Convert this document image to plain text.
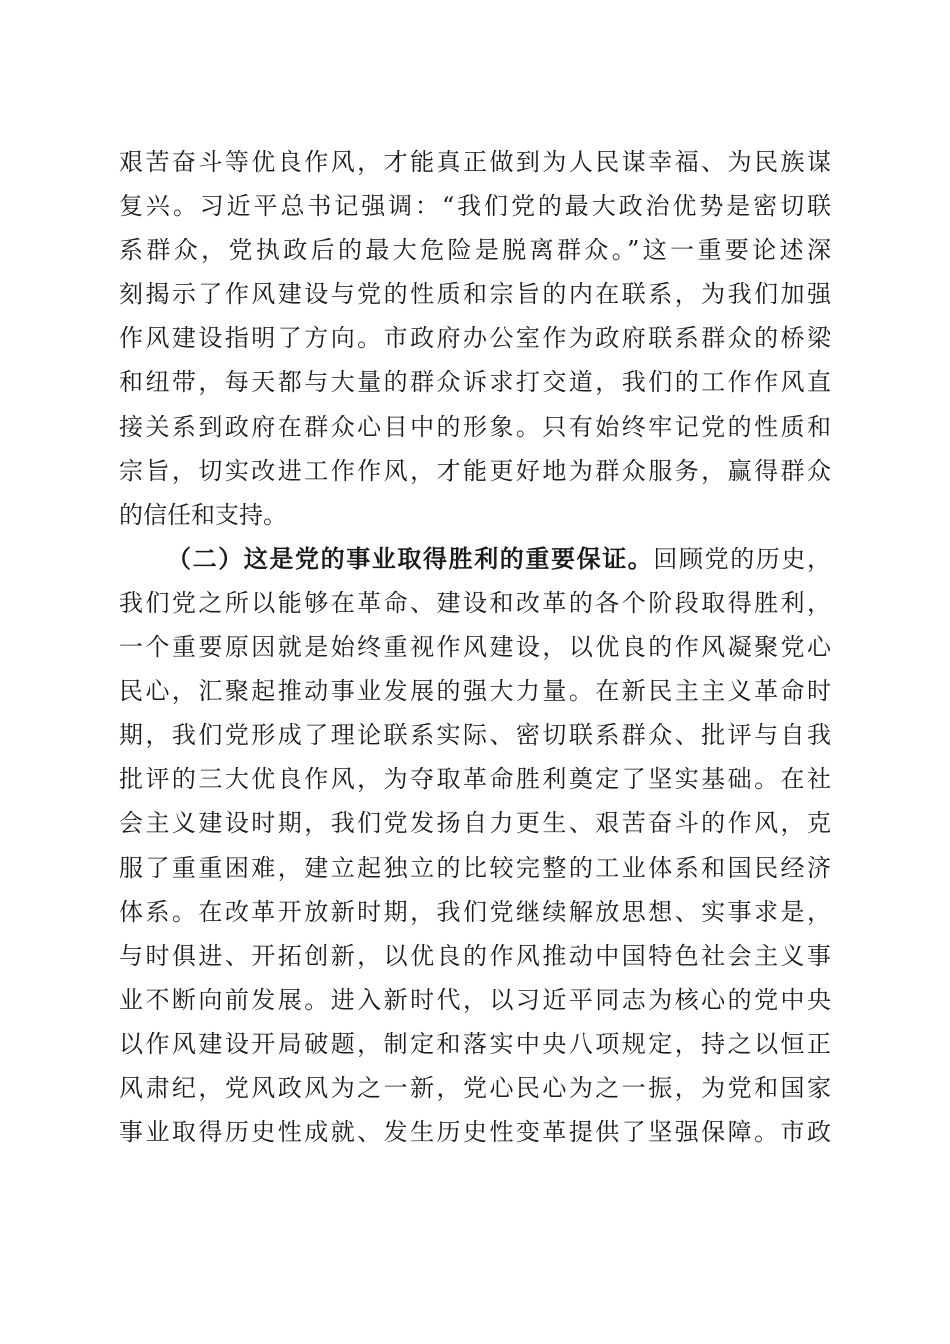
艰苦奋斗等优良作风，才能真正做到为人民谋幸福、为民族谋
复兴。习近平总书记强调：“我们党的最大政治优势是密切联
系群众，党执政后的最大危险是脱离群众。”这一重要论述深
刻揭示了作风建设与党的性质和宗旨的内在联系，为我们加强
作风建设指明了方向。市政府办公室作为政府联系群众的桥梁
和纽带，每天都与大量的群众诉求打交道，我们的工作作风直
接关系到政府在群众心目中的形象。只有始终牢记党的性质和
宗旨，切实改进工作作风，才能更好地为群众服务，赢得群众
的信任和支持。
（二）这是党的事业取得胜利的重要保证。回顾党的历史，
我们党之所以能够在革命、建设和改革的各个阶段取得胜利，
一个重要原因就是始终重视作风建设，以优良的作风凝聚党心
民心，汇聚起推动事业发展的强大力量。在新民主主义革命时
期，我们党形成了理论联系实际、密切联系群众、批评与自我
批评的三大优良作风，为夺取革命胜利奠定了坚实基础。在社
会主义建设时期，我们党发扬自力更生、艰苦奋斗的作风，克
服了重重困难，建立起独立的比较完整的工业体系和国民经济
体系。在改革开放新时期，我们党继续解放思想、实事求是，
与时俱进、开拓创新，以优良的作风推动中国特色社会主义事
业不断向前发展。进入新时代，以习近平同志为核心的党中央
以作风建设开局破题，制定和落实中央八项规定，持之以恒正
风肃纪，党风政风为之一新，党心民心为之一振，为党和国家
事业取得历史性成就、发生历史性变革提供了坚强保障。市政
